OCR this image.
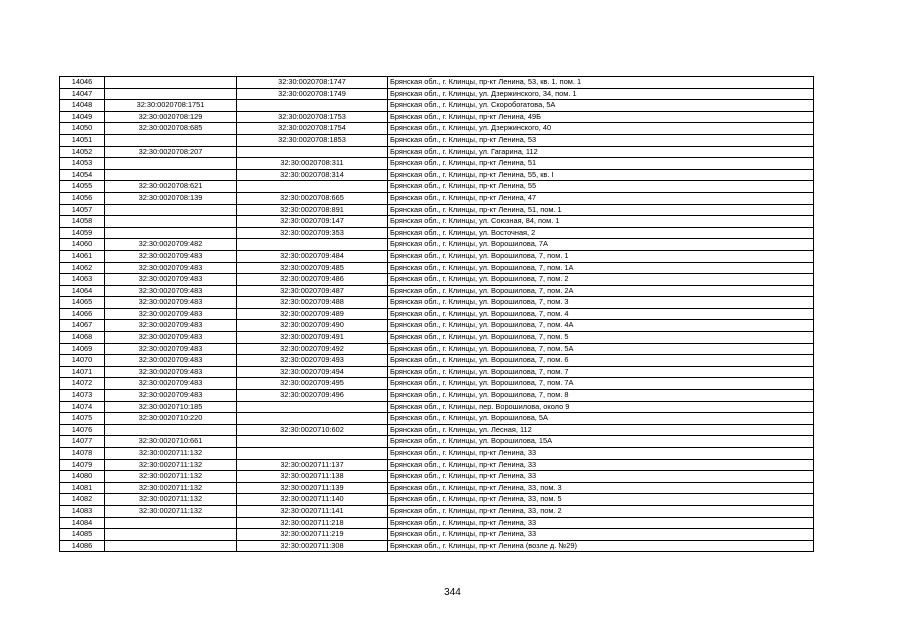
14046		32:30:0020708:1747	Брянская обл., г. Клинцы, пр-кт Ленина, 53, кв. 1. пом. 1
14047		32:30:0020708:1749	Брянская обл., г. Клинцы, ул. Дзержинского, 34, пом. 1
14048	32:30:0020708:1751		Брянская обл., г. Клинцы, ул. Скоробогатова, 5А
14049	32:30:0020708:129	32:30:0020708:1753	Брянская обл., г. Клинцы, пр-кт Ленина, 49Б
14050	32:30:0020708:685	32:30:0020708:1754	Брянская обл., г. Клинцы, ул. Дзержинского, 40
14051		32:30:0020708:1853	Брянская обл., г. Клинцы, пр-кт Ленина, 53
14052	32:30:0020708:207		Брянская обл., г. Клинцы, ул. Гагарина, 112
14053		32:30:0020708:311	Брянская обл., г. Клинцы, пр-кт Ленина, 51
14054		32:30:0020708:314	Брянская обл., г. Клинцы, пр-кт Ленина, 55, кв. I
14055	32:30:0020708:621		Брянская обл., г. Клинцы, пр-кт Ленина, 55
14056	32:30:0020708:139	32:30:0020708:665	Брянская обл., г. Клинцы, пр-кт Ленина, 47
14057		32:30:0020708:891	Брянская обл., г. Клинцы, пр-кт Ленина, 51, пом. 1
14058		32:30:0020709:147	Брянская обл., г. Клинцы, ул. Союзная, 84, пом. 1
14059		32:30:0020709:353	Брянская обл., г. Клинцы, ул. Восточная, 2
14060	32:30:0020709:482		Брянская обл., г. Клинцы, ул. Ворошилова, 7А
14061	32:30:0020709:483	32:30:0020709:484	Брянская обл., г. Клинцы, ул. Ворошилова, 7, пом. 1
14062	32:30:0020709:483	32:30:0020709:485	Брянская обл., г. Клинцы, ул. Ворошилова, 7, пом. 1А
14063	32:30:0020709:483	32:30:0020709:486	Брянская обл., г. Клинцы, ул. Ворошилова, 7, пом. 2
14064	32:30:0020709:483	32:30:0020709:487	Брянская обл., г. Клинцы, ул. Ворошилова, 7, пом. 2А
14065	32:30:0020709:483	32:30:0020709:488	Брянская обл., г. Клинцы, ул. Ворошилова, 7, пом. 3
14066	32:30:0020709:483	32:30:0020709:489	Брянская обл., г. Клинцы, ул. Ворошилова, 7, пом. 4
14067	32:30:0020709:483	32:30:0020709:490	Брянская обл., г. Клинцы, ул. Ворошилова, 7, пом. 4А
14068	32:30:0020709:483	32:30:0020709:491	Брянская обл., г. Клинцы, ул. Ворошилова, 7, пом. 5
14069	32:30:0020709:483	32:30:0020709:492	Брянская обл., г. Клинцы, ул. Ворошилова, 7, пом. 5А
14070	32:30:0020709:483	32:30:0020709:493	Брянская обл., г. Клинцы, ул. Ворошилова, 7, пом. 6
14071	32:30:0020709:483	32:30:0020709:494	Брянская обл., г. Клинцы, ул. Ворошилова, 7, пом. 7
14072	32:30:0020709:483	32:30:0020709:495	Брянская обл., г. Клинцы, ул. Ворошилова, 7, пом. 7А
14073	32:30:0020709:483	32:30:0020709:496	Брянская обл., г. Клинцы, ул. Ворошилова, 7, пом. 8
14074	32:30:0020710:185		Брянская обл., г. Клинцы, пер. Ворошилова, около 9
14075	32:30:0020710:220		Брянская обл., г. Клинцы, ул. Ворошилова, 5А
14076		32:30:0020710:602	Брянская обл., г. Клинцы, ул. Лесная, 112
14077	32:30:0020710:661		Брянская обл., г. Клинцы, ул. Ворошилова, 15А
14078	32:30:0020711:132		Брянская обл., г. Клинцы, пр-кт Ленина, 33
14079	32:30:0020711:132	32:30:0020711:137	Брянская обл., г. Клинцы, пр-кт Ленина, 33
14080	32:30:0020711:132	32:30:0020711:138	Брянская обл., г. Клинцы, пр-кт Ленина, 33
14081	32:30:0020711:132	32:30:0020711:139	Брянская обл., г. Клинцы, пр-кт Ленина, 33, пом. 3
14082	32:30:0020711:132	32:30:0020711:140	Брянская обл., г. Клинцы, пр-кт Ленина, 33, пом. 5
14083	32:30:0020711:132	32:30:0020711:141	Брянская обл., г. Клинцы, пр-кт Ленина, 33, пом. 2
14084		32:30:0020711:218	Брянская обл., г. Клинцы, пр-кт Ленина, 33
14085		32:30:0020711:219	Брянская обл., г. Клинцы, пр-кт Ленина, 33
14086		32:30:0020711:308	Брянская обл., г. Клинцы, пр-кт Ленина (возле д. №29)
344
